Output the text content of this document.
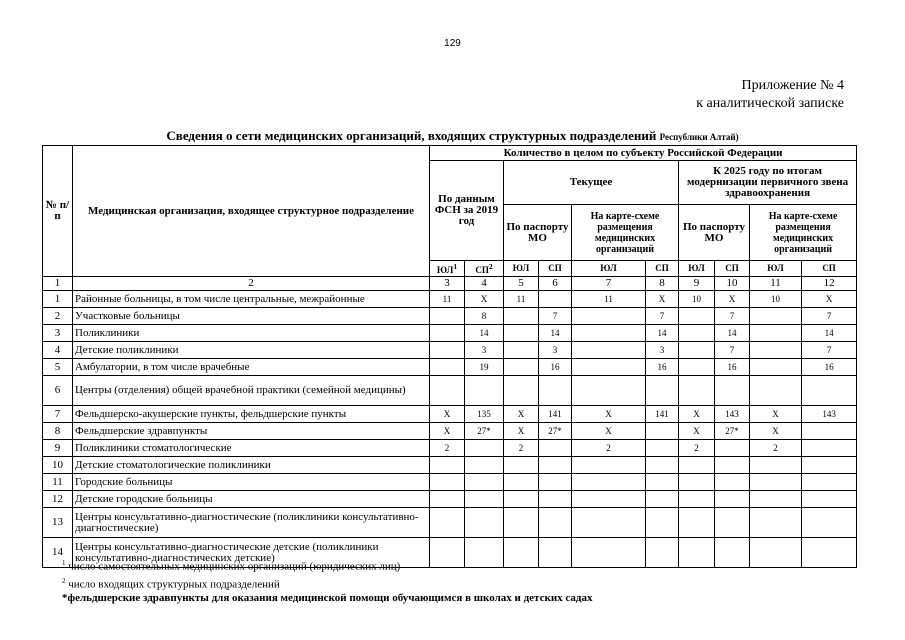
129
Приложение № 4
к аналитической записке
Сведения о сети медицинских организаций, входящих структурных подразделений Республики Алтай)
№ п/п	Медицинская организация, входящее структурное подразделение	Количество в целом по субъекту Российской Федерации									
		По данным ФСН за 2019 год		Текущее				К 2025 году по итогам модернизации первичного звена здравоохранения			
				По паспорту МО		На карте-схеме размещения медицинских организаций		По паспорту МО		На карте-схеме размещения медицинских организаций	
		$ЮЛ^1$	$СП^2$	ЮЛ	СП	ЮЛ	СП	ЮЛ	СП	ЮЛ	СП
1	2	3	4	5	6	7	8	9	10	11	12
1	Районные больницы, в том числе центральные, межрайонные	11	Х	11		11	Х	10	Х	10	Х
2	Участковые больницы		8		7		7		7		7
3	Поликлиники		14		14		14		14		14
4	Детские поликлиники		3		3		3		7		7
5	Амбулатории, в том числе врачебные		19		16		16		16		16
6	Центры (отделения) общей врачебной практики (семейной медицины)										
7	Фельдшерско-акушерские пункты, фельдшерские пункты	Х	135	Х	141	Х	141	Х	143	Х	143
8	Фельдшерские здравпункты	Х	27*	Х	27*	Х		Х	27*	Х	
9	Поликлиники стоматологические	2		2		2		2		2	
10	Детские стоматологические поликлиники										
11	Городские больницы										
12	Детские городские больницы										
13	Центры консультативно-диагностические (поликлиники консультативно-диагностические)										
14	Центры консультативно-диагностические детские (поликлиники консультативно-диагностических детские)										
$^1$ число самостоятельных медицинских организаций (юридических лиц)
$^2$ число входящих структурных подразделений
*фельдшерские здравпункты для оказания медицинской помощи обучающимся в школах и детских садах
